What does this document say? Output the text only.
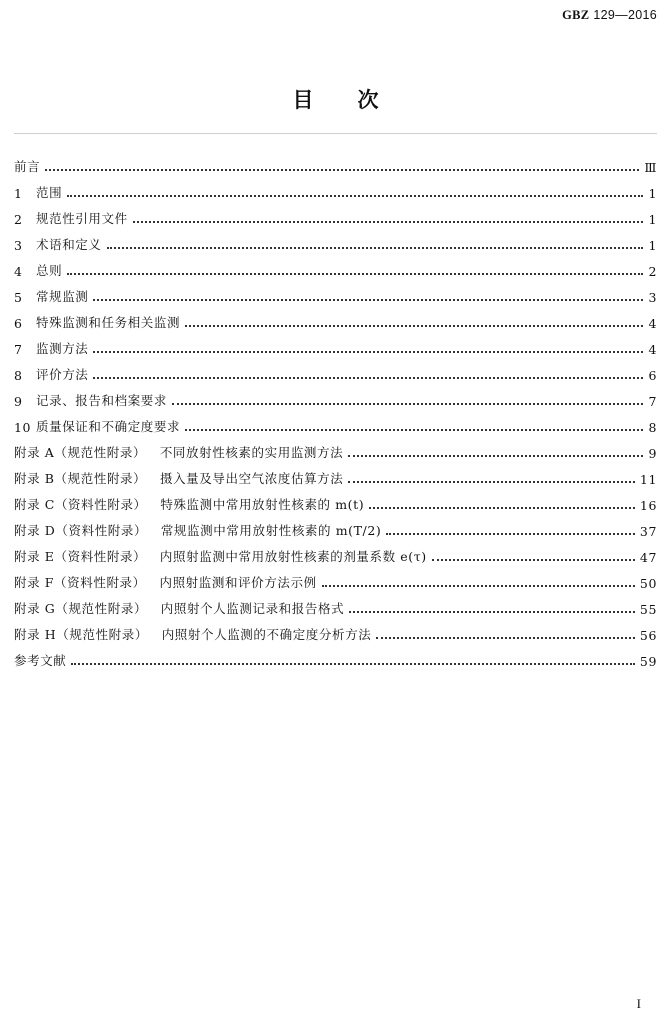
GBZ 129—2016
目次
前言	Ⅲ
1	范围	1
2	规范性引用文件	1
3	术语和定义	1
4	总则	2
5	常规监测	3
6	特殊监测和任务相关监测	4
7	监测方法	4
8	评价方法	6
9	记录、报告和档案要求	7
10 质量保证和不确定度要求	8
附录 A（规范性附录）   不同放射性核素的实用监测方法	9
附录 B（规范性附录）   摄入量及导出空气浓度估算方法	11
附录 C（资料性附录）   特殊监测中常用放射性核素的 m(t)	16
附录 D（资料性附录）   常规监测中常用放射性核素的 m(T/2)	37
附录 E（资料性附录）   内照射监测中常用放射性核素的剂量系数 e(τ)	47
附录 F（资料性附录）   内照射监测和评价方法示例	50
附录 G（规范性附录）   内照射个人监测记录和报告格式	55
附录 H（规范性附录）   内照射个人监测的不确定度分析方法	56
参考文献	59
I
